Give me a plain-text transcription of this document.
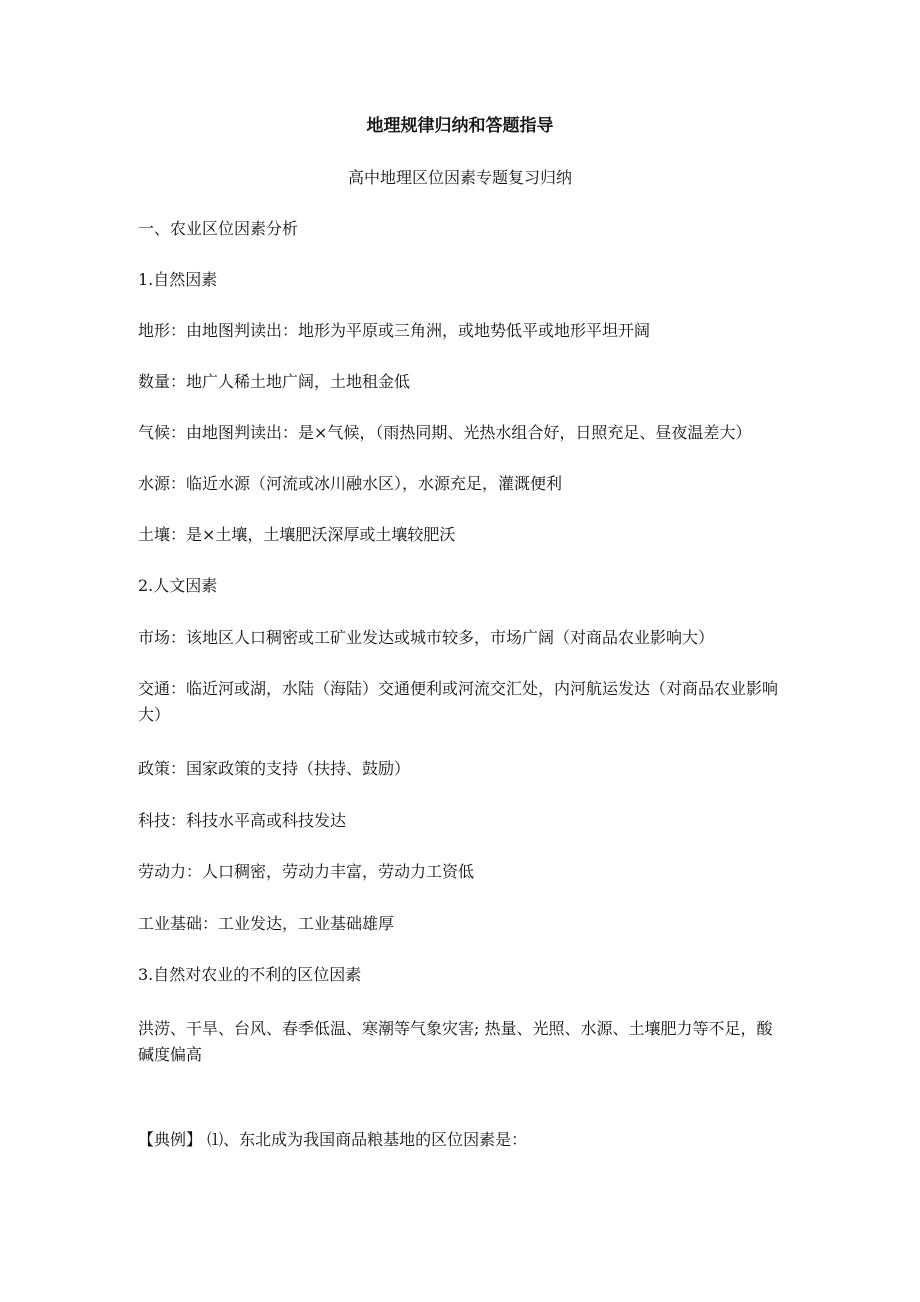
地理规律归纳和答题指导
高中地理区位因素专题复习归纳
一、农业区位因素分析
1.自然因素
地形：由地图判读出：地形为平原或三角洲，或地势低平或地形平坦开阔
数量：地广人稀土地广阔，土地租金低
气候：由地图判读出：是×气候，（雨热同期、光热水组合好，日照充足、昼夜温差大）
水源：临近水源（河流或冰川融水区），水源充足，灌溉便利
土壤：是×土壤，土壤肥沃深厚或土壤较肥沃
2.人文因素
市场：该地区人口稠密或工矿业发达或城市较多，市场广阔（对商品农业影响大）
交通：临近河或湖，水陆（海陆）交通便利或河流交汇处，内河航运发达（对商品农业影响大）
政策：国家政策的支持（扶持、鼓励）
科技：科技水平高或科技发达
劳动力：人口稠密，劳动力丰富，劳动力工资低
工业基础：工业发达，工业基础雄厚
3.自然对农业的不利的区位因素
洪涝、干旱、台风、春季低温、寒潮等气象灾害; 热量、光照、水源、土壤肥力等不足，酸碱度偏高
【典例】 ⑴、东北成为我国商品粮基地的区位因素是：
